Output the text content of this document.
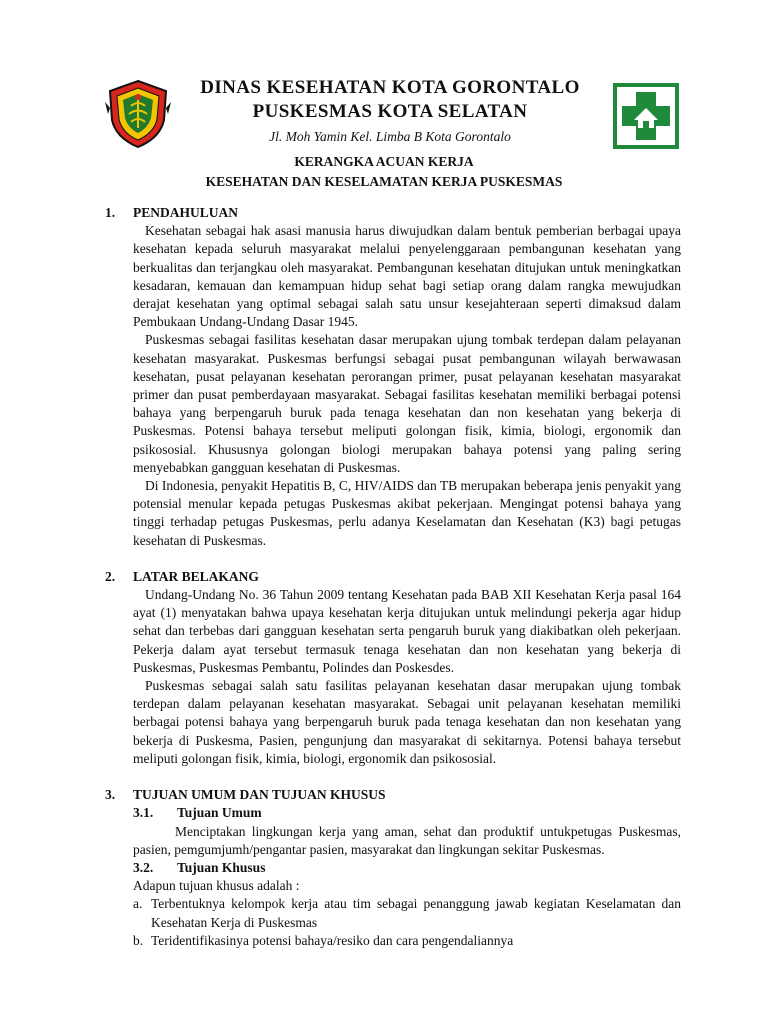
DINAS KESEHATAN KOTA GORONTALO
PUSKESMAS KOTA SELATAN
Jl. Moh Yamin Kel. Limba B Kota Gorontalo
KERANGKA ACUAN KERJA
KESEHATAN DAN KESELAMATAN KERJA PUSKESMAS
1. PENDAHULUAN
Kesehatan sebagai hak asasi manusia harus diwujudkan dalam bentuk pemberian berbagai upaya kesehatan kepada seluruh masyarakat melalui penyelenggaraan pembangunan kesehatan yang berkualitas dan terjangkau oleh masyarakat. Pembangunan kesehatan ditujukan untuk meningkatkan kesadaran, kemauan dan kemampuan hidup sehat bagi setiap orang dalam rangka mewujudkan derajat kesehatan yang optimal sebagai salah satu unsur kesejahteraan seperti dimaksud dalam Pembukaan Undang-Undang Dasar 1945.
Puskesmas sebagai fasilitas kesehatan dasar merupakan ujung tombak terdepan dalam pelayanan kesehatan masyarakat. Puskesmas berfungsi sebagai pusat pembangunan wilayah berwawasan kesehatan, pusat pelayanan kesehatan perorangan primer, pusat pelayanan kesehatan masyarakat primer dan pusat pemberdayaan masyarakat. Sebagai fasilitas kesehatan memiliki berbagai potensi bahaya yang berpengaruh buruk pada tenaga kesehatan dan non kesehatan yang bekerja di Puskesmas. Potensi bahaya tersebut meliputi golongan fisik, kimia, biologi, ergonomik dan psikososial. Khususnya golongan biologi merupakan bahaya potensi yang paling sering menyebabkan gangguan kesehatan di Puskesmas.
Di Indonesia, penyakit Hepatitis B, C, HIV/AIDS dan TB merupakan beberapa jenis penyakit yang potensial menular kepada petugas Puskesmas akibat pekerjaan. Mengingat potensi bahaya yang tinggi terhadap petugas Puskesmas, perlu adanya Keselamatan dan Kesehatan (K3) bagi petugas kesehatan di Puskesmas.
2. LATAR BELAKANG
Undang-Undang No. 36 Tahun 2009 tentang Kesehatan pada BAB XII Kesehatan Kerja pasal 164 ayat (1) menyatakan bahwa upaya kesehatan kerja ditujukan untuk melindungi pekerja agar hidup sehat dan terbebas dari gangguan kesehatan serta pengaruh buruk yang diakibatkan oleh pekerjaan. Pekerja dalam ayat tersebut termasuk tenaga kesehatan dan non kesehatan yang bekerja di Puskesmas, Puskesmas Pembantu, Polindes dan Poskesdes.
Puskesmas sebagai salah satu fasilitas pelayanan kesehatan dasar merupakan ujung tombak terdepan dalam pelayanan kesehatan masyarakat. Sebagai unit pelayanan kesehatan memiliki berbagai potensi bahaya yang berpengaruh buruk pada tenaga kesehatan dan non kesehatan yang bekerja di Puskesma, Pasien, pengunjung dan masyarakat di sekitarnya. Potensi bahaya tersebut meliputi golongan fisik, kimia, biologi, ergonomik dan psikososial.
3. TUJUAN UMUM DAN TUJUAN KHUSUS
3.1. Tujuan Umum
Menciptakan lingkungan kerja yang aman, sehat dan produktif untukpetugas Puskesmas, pasien, pemgumjumh/pengantar pasien, masyarakat dan lingkungan sekitar Puskesmas.
3.2. Tujuan Khusus
Adapun tujuan khusus adalah :
a. Terbentuknya kelompok kerja atau tim sebagai penanggung jawab kegiatan Keselamatan dan Kesehatan Kerja di Puskesmas
b. Teridentifikasinya potensi bahaya/resiko dan cara pengendaliannya
